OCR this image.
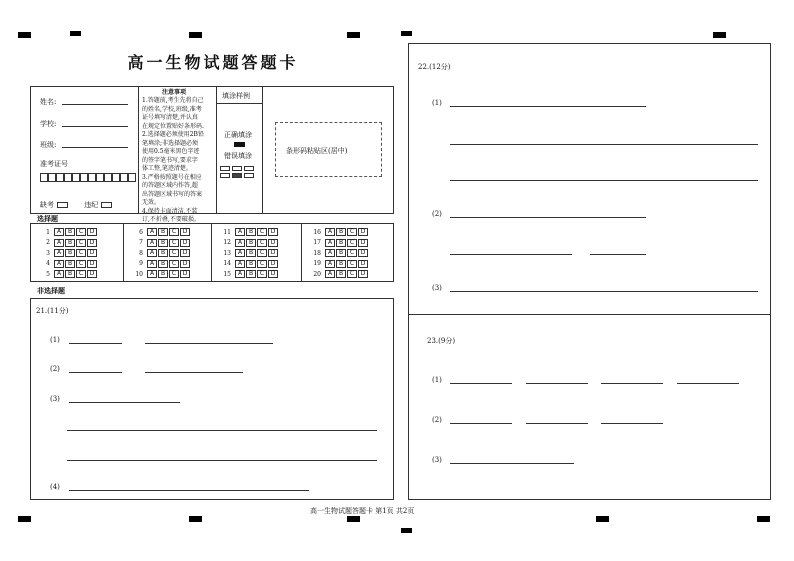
高一生物试题答题卡
姓名:
学校:
班级:
准考证号
缺考	违纪
注意事项
1.答题前,考生先将自己
的姓名,学校,班级,准考
证号填写清楚,并认真
在规定位置贴好条形码.
2.选择题必须使用2B铅
笔填涂;非选择题必须
使用0.5毫米黑色字迹
的签字笔书写,要求字
体工整,笔迹清楚。
3.严格按照题号在相应
的答题区域内作答,超
出答题区域书写的答案
无效。
4.保持卡面清洁,不装
订,不折叠,不要破损。
填涂样例
正确填涂
错误填涂

条形码粘贴区(居中)
选择题
1	A	B	C	D
2	A	B	C	D
3	A	B	C	D
4	A	B	C	D
5	A	B	C	D
6	A	B	C	D
7	A	B	C	D
8	A	B	C	D
9	A	B	C	D
10	A	B	C	D
11	A	B	C	D
12	A	B	C	D
13	A	B	C	D
14	A	B	C	D
15	A	B	C	D
16	A	B	C	D
17	A	B	C	D
18	A	B	C	D
19	A	B	C	D
20	A	B	C	D
非选择题
21.(11分)
(1)
(2)
(3)
(4)
22.(12分)
(1)
(2)
(3)
23.(9分)
(1)
(2)
(3)
高一生物试题答题卡 第1页 共2页
